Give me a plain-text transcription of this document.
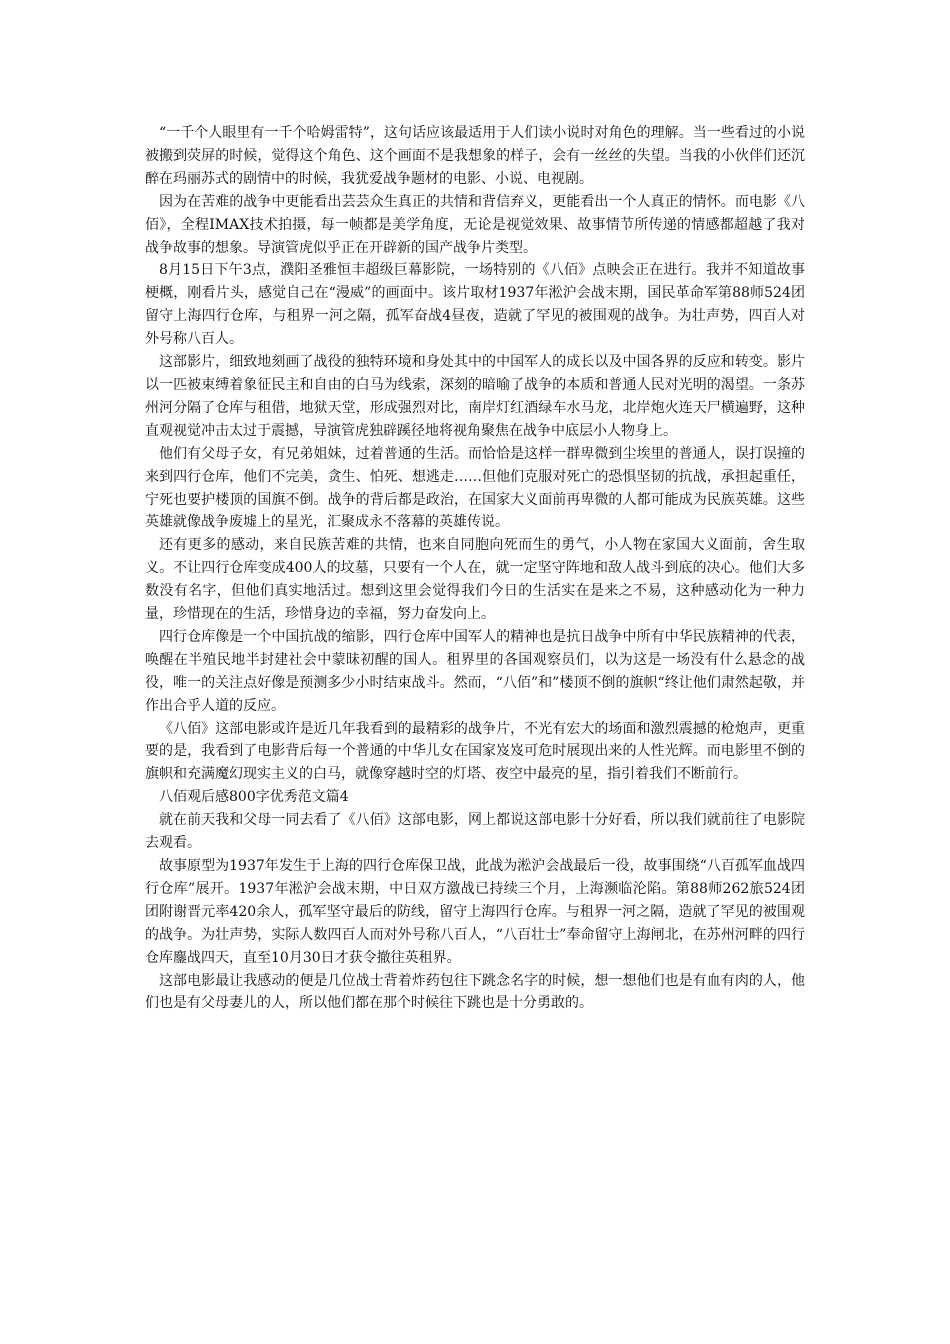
“一千个人眼里有一千个哈姆雷特”，这句话应该最适用于人们读小说时对角色的理解。当一些看过的小说被搬到荧屏的时候，觉得这个角色、这个画面不是我想象的样子，会有一丝丝的失望。当我的小伙伴们还沉醉在玛丽苏式的剧情中的时候，我犹爱战争题材的电影、小说、电视剧。

因为在苦难的战争中更能看出芸芸众生真正的共情和背信弃义，更能看出一个人真正的情怀。而电影《八佰》，全程IMAX技术拍摄，每一帧都是美学角度，无论是视觉效果、故事情节所传递的情感都超越了我对战争故事的想象。导演管虎似乎正在开辟新的国产战争片类型。

8月15日下午3点，濮阳圣雅恒丰超级巨幕影院，一场特别的《八佰》点映会正在进行。我并不知道故事梗概，刚看片头，感觉自己在“漫威”的画面中。该片取材1937年淞沪会战末期，国民革命军第88师524团留守上海四行仓库，与租界一河之隔，孤军奋战4昼夜，造就了罕见的被围观的战争。为壮声势，四百人对外号称八百人。

这部影片，细致地刻画了战役的独特环境和身处其中的中国军人的成长以及中国各界的反应和转变。影片以一匹被束缚着象征民主和自由的白马为线索，深刻的暗喻了战争的本质和普通人民对光明的渴望。一条苏州河分隔了仓库与租借，地狱天堂，形成强烈对比，南岸灯红酒绿车水马龙，北岸炮火连天尸横遍野，这种直观视觉冲击太过于震撼，导演管虎独辟蹊径地将视角聚焦在战争中底层小人物身上。

他们有父母子女，有兄弟姐妹，过着普通的生活。而恰恰是这样一群卑微到尘埃里的普通人，误打误撞的来到四行仓库，他们不完美，贪生、怕死、想逃走……但他们克服对死亡的恐惧坚韧的抗战，承担起重任，宁死也要护楼顶的国旗不倒。战争的背后都是政治，在国家大义面前再卑微的人都可能成为民族英雄。这些英雄就像战争废墟上的星光，汇聚成永不落幕的英雄传说。

还有更多的感动，来自民族苦难的共情，也来自同胞向死而生的勇气，小人物在家国大义面前，舍生取义。不让四行仓库变成400人的坟墓，只要有一个人在，就一定坚守阵地和敌人战斗到底的决心。他们大多数没有名字，但他们真实地活过。想到这里会觉得我们今日的生活实在是来之不易，这种感动化为一种力量，珍惜现在的生活，珍惜身边的幸福，努力奋发向上。

四行仓库像是一个中国抗战的缩影，四行仓库中国军人的精神也是抗日战争中所有中华民族精神的代表，唤醒在半殖民地半封建社会中蒙昧初醒的国人。租界里的各国观察员们，以为这是一场没有什么悬念的战役，唯一的关注点好像是预测多少小时结束战斗。然而，“八佰”和”楼顶不倒的旗帜“终让他们肃然起敬，并作出合乎人道的反应。

《八佰》这部电影或许是近几年我看到的最精彩的战争片，不光有宏大的场面和激烈震撼的枪炮声，更重要的是，我看到了电影背后每一个普通的中华儿女在国家岌岌可危时展现出来的人性光辉。而电影里不倒的旗帜和充满魔幻现实主义的白马，就像穿越时空的灯塔、夜空中最亮的星，指引着我们不断前行。

八佰观后感800字优秀范文篇4

就在前天我和父母一同去看了《八佰》这部电影，网上都说这部电影十分好看，所以我们就前往了电影院去观看。

故事原型为1937年发生于上海的四行仓库保卫战，此战为淞沪会战最后一役，故事围绕“八百孤军血战四行仓库”展开。1937年淞沪会战末期，中日双方激战已持续三个月，上海濒临沦陷。第88师262旅524团团附谢晋元率420余人，孤军坚守最后的防线，留守上海四行仓库。与租界一河之隔，造就了罕见的被围观的战争。为壮声势，实际人数四百人而对外号称八百人，“八百壮士”奉命留守上海闸北，在苏州河畔的四行仓库鏖战四天，直至10月30日才获令撤往英租界。

这部电影最让我感动的便是几位战士背着炸药包往下跳念名字的时候，想一想他们也是有血有肉的人，他们也是有父母妻儿的人，所以他们都在那个时候往下跳也是十分勇敢的。
